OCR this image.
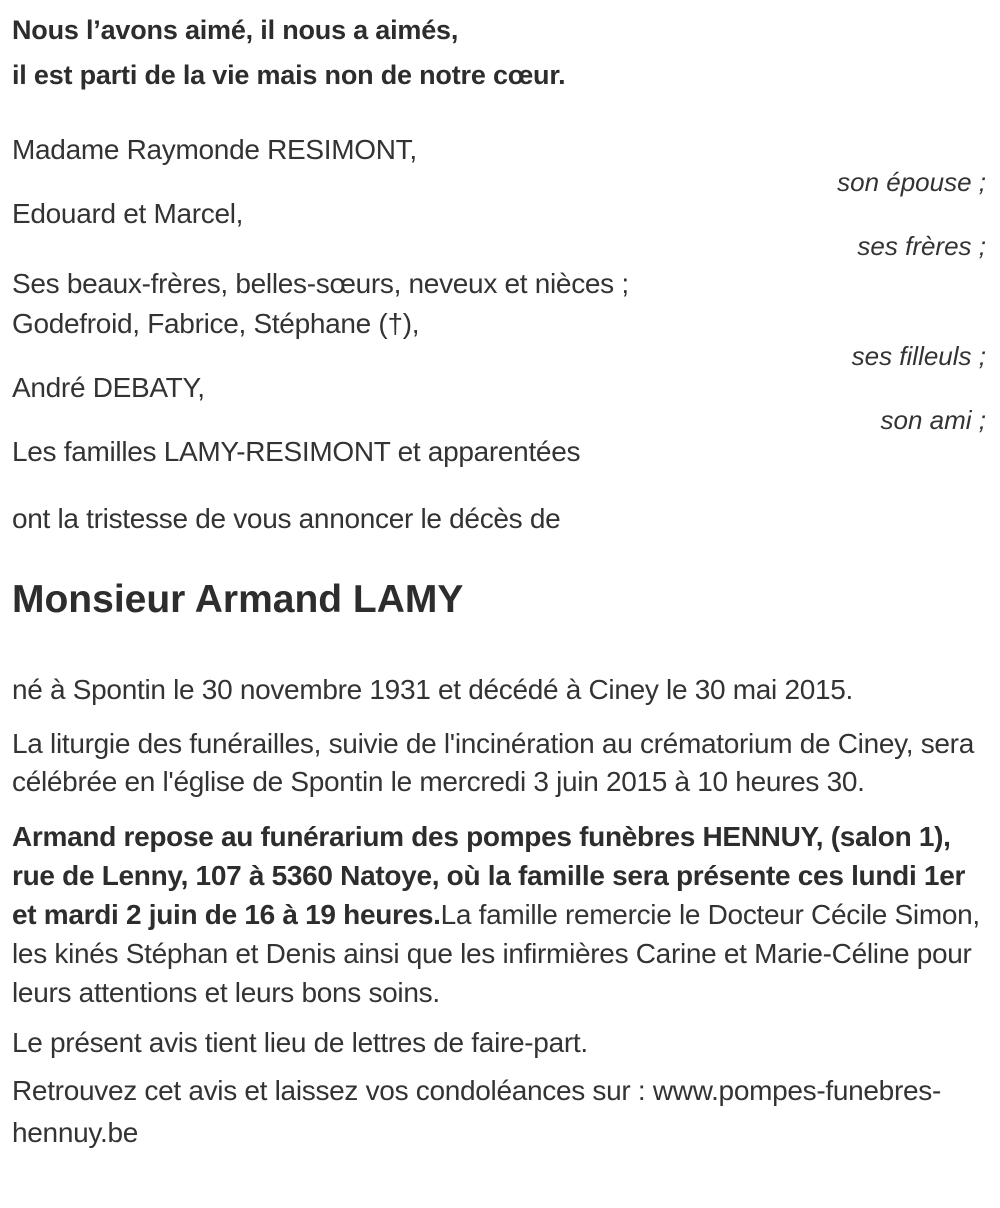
Nous l’avons aimé, il nous a aimés,
il est parti de la vie mais non de notre cœur.
Madame Raymonde RESIMONT,
son épouse ;
Edouard et Marcel,
ses frères ;
Ses beaux-frères, belles-sœurs, neveux et nièces ;
Godefroid, Fabrice, Stéphane (†),
ses filleuls ;
André DEBATY,
son ami ;
Les familles LAMY-RESIMONT et apparentées
ont la tristesse de vous annoncer le décès de
Monsieur Armand LAMY
né à Spontin le 30 novembre 1931 et décédé à Ciney le 30 mai 2015.
La liturgie des funérailles, suivie de l'incinération au crématorium de Ciney, sera célébrée en l'église de Spontin le mercredi 3 juin 2015 à 10 heures 30.
Armand repose au funérarium des pompes funèbres HENNUY, (salon 1), rue de Lenny, 107 à 5360 Natoye, où la famille sera présente ces lundi 1er et mardi 2 juin de 16 à 19 heures.La famille remercie le Docteur Cécile Simon, les kinés Stéphan et Denis ainsi que les infirmières Carine et Marie-Céline pour leurs attentions et leurs bons soins.
Le présent avis tient lieu de lettres de faire-part.
Retrouvez cet avis et laissez vos condoléances sur : www.pompes-funebres-hennuy.be
